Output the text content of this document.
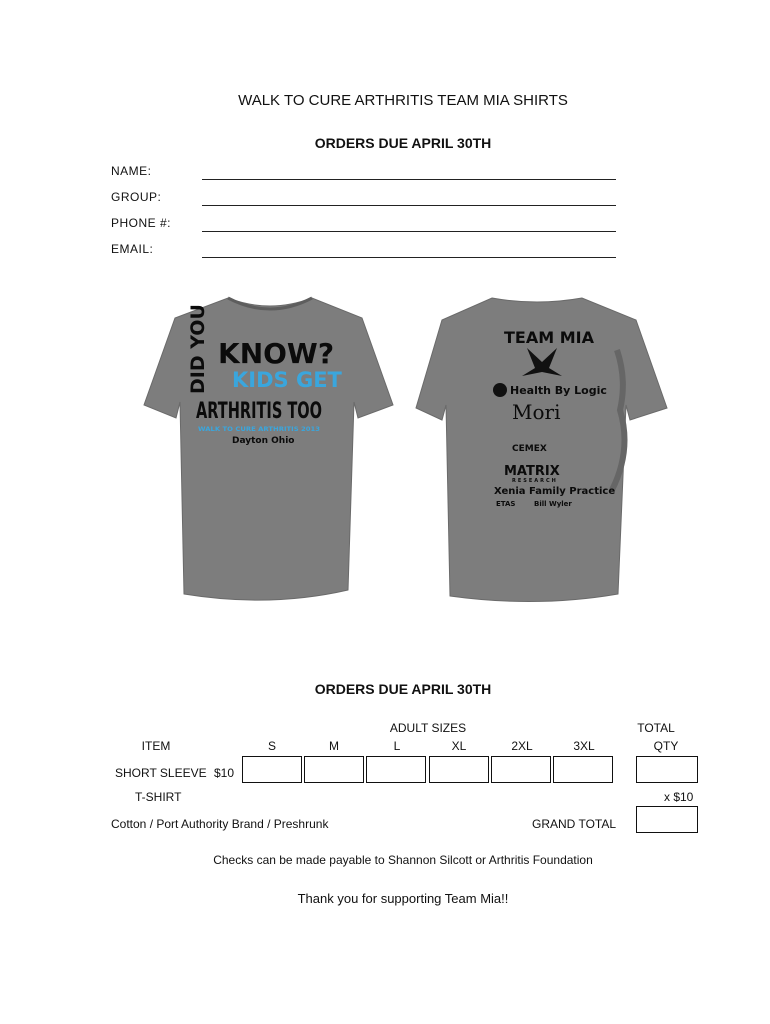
WALK TO CURE ARTHRITIS TEAM MIA SHIRTS
ORDERS DUE APRIL 30TH
NAME:
GROUP:
PHONE #:
EMAIL:
DID YOU KNOW?
KIDS GET
ARTHRITIS TOO
WALK TO CURE ARTHRITIS 2013
Dayton Ohio
TEAM MIA
Health By Logic
Mori
CEMEX
MATRIX
RESEARCH
Xenia Family Practice
ETAS	Bill Wyler
ORDERS DUE APRIL 30TH
ADULT SIZES	TOTAL
ITEM	S	M	L	XL	2XL	3XL	QTY
SHORT SLEEVE $10
T-SHIRT	x $10
Cotton / Port Authority Brand / Preshrunk	GRAND TOTAL
Checks can be made payable to Shannon Silcott or Arthritis Foundation
Thank you for supporting Team Mia!!
